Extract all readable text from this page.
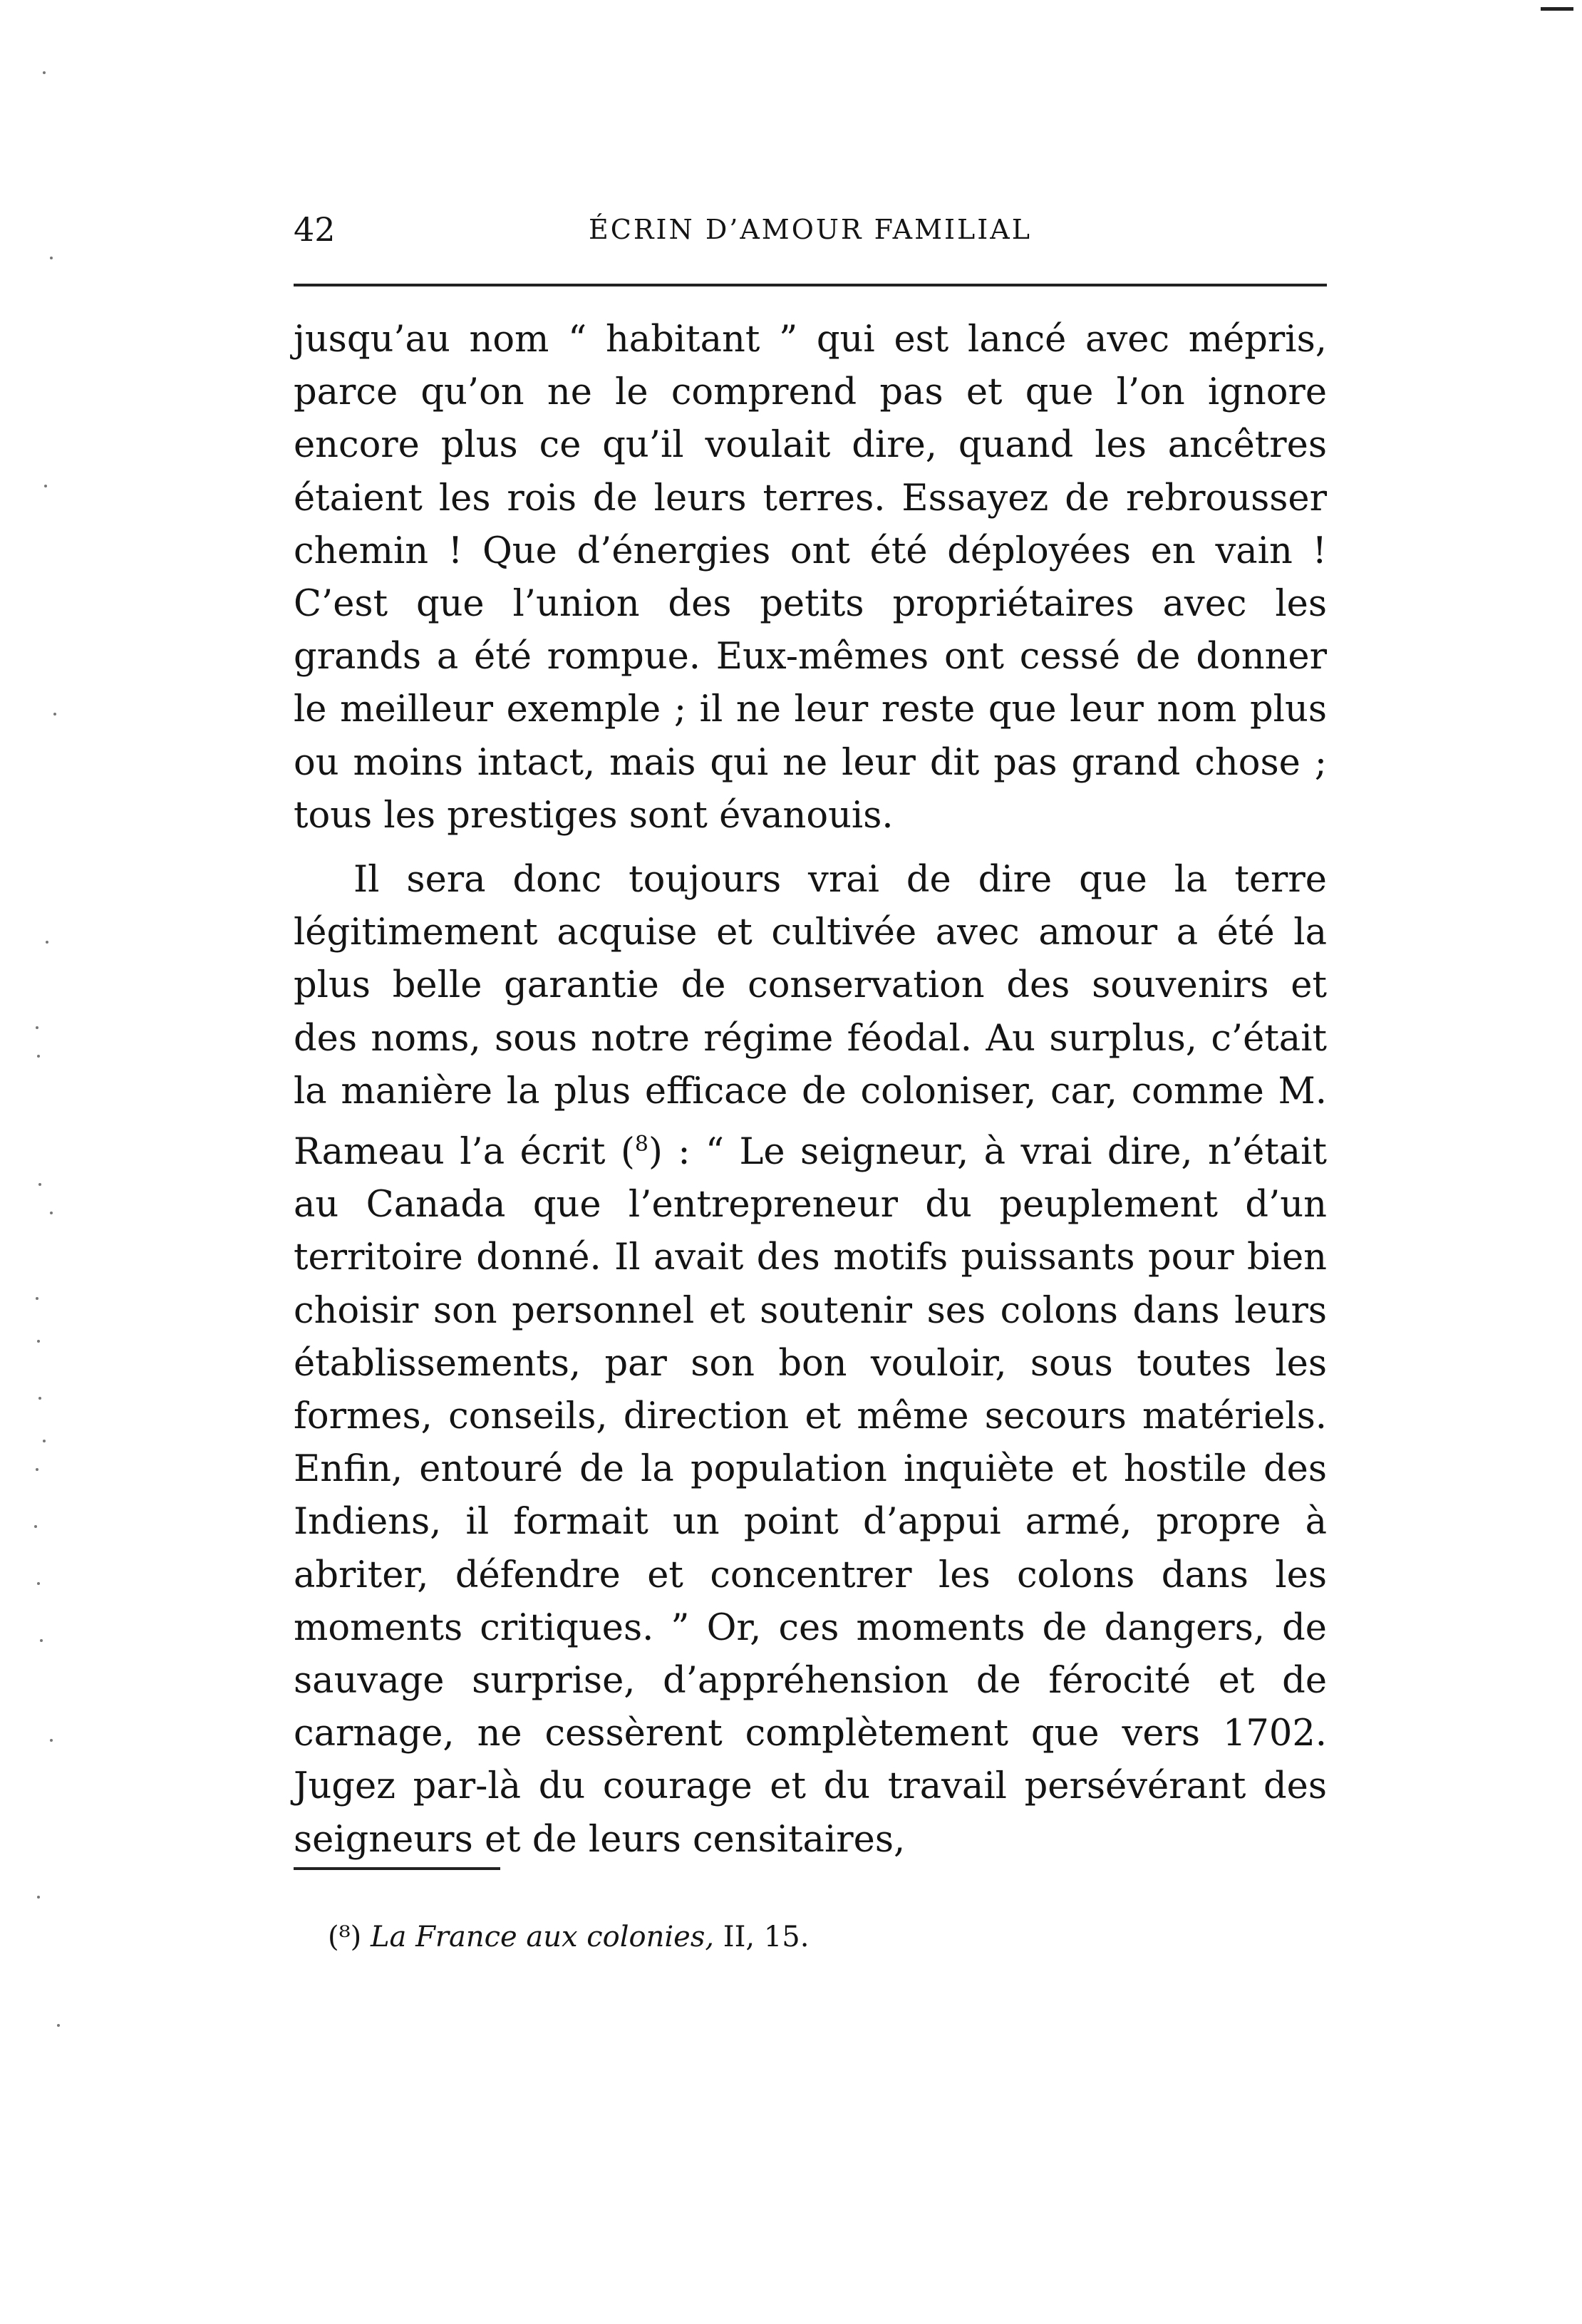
42	ÉCRIN D’AMOUR FAMILIAL

jusqu’au nom “ habitant ” qui est lancé avec mépris, parce qu’on ne le comprend pas et que l’on ignore encore plus ce qu’il voulait dire, quand les ancêtres étaient les rois de leurs terres. Essayez de rebrousser chemin ! Que d’énergies ont été déployées en vain ! C’est que l’union des petits propriétaires avec les grands a été rompue. Eux-mêmes ont cessé de donner le meilleur exemple ; il ne leur reste que leur nom plus ou moins intact, mais qui ne leur dit pas grand chose ; tous les prestiges sont évanouis.

Il sera donc toujours vrai de dire que la terre légitimement acquise et cultivée avec amour a été la plus belle garantie de conservation des souvenirs et des noms, sous notre régime féodal. Au surplus, c’était la manière la plus efficace de coloniser, car, comme M. Rameau l’a écrit ($^8$) : “ Le seigneur, à vrai dire, n’était au Canada que l’entrepreneur du peuplement d’un territoire donné. Il avait des motifs puissants pour bien choisir son personnel et soutenir ses colons dans leurs établissements, par son bon vouloir, sous toutes les formes, conseils, direction et même secours matériels. Enfin, entouré de la population inquiète et hostile des Indiens, il formait un point d’appui armé, propre à abriter, défendre et concentrer les colons dans les moments critiques. ” Or, ces moments de dangers, de sauvage surprise, d’appréhension de férocité et de carnage, ne cessèrent complètement que vers 1702. Jugez par-là du courage et du travail persévérant des seigneurs et de leurs censitaires,

(⁸) La France aux colonies, II, 15.
